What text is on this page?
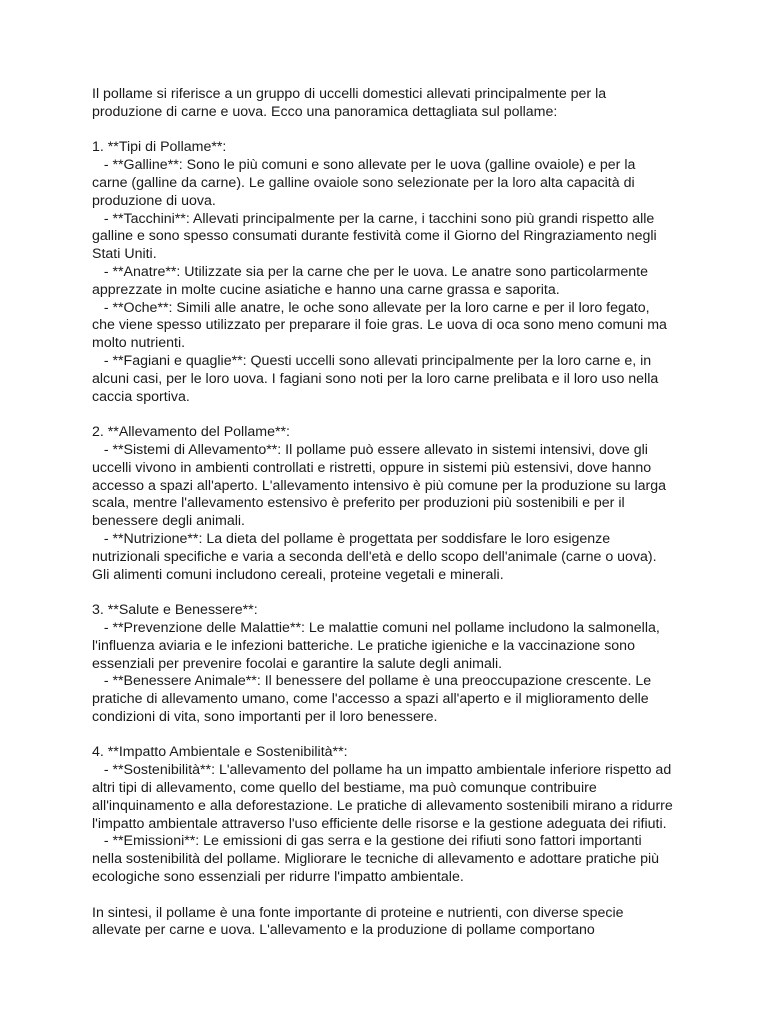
Il pollame si riferisce a un gruppo di uccelli domestici allevati principalmente per la
produzione di carne e uova. Ecco una panoramica dettagliata sul pollame:
1. **Tipi di Pollame**:
- **Galline**: Sono le più comuni e sono allevate per le uova (galline ovaiole) e per la
carne (galline da carne). Le galline ovaiole sono selezionate per la loro alta capacità di
produzione di uova.
- **Tacchini**: Allevati principalmente per la carne, i tacchini sono più grandi rispetto alle
galline e sono spesso consumati durante festività come il Giorno del Ringraziamento negli
Stati Uniti.
- **Anatre**: Utilizzate sia per la carne che per le uova. Le anatre sono particolarmente
apprezzate in molte cucine asiatiche e hanno una carne grassa e saporita.
- **Oche**: Simili alle anatre, le oche sono allevate per la loro carne e per il loro fegato,
che viene spesso utilizzato per preparare il foie gras. Le uova di oca sono meno comuni ma
molto nutrienti.
- **Fagiani e quaglie**: Questi uccelli sono allevati principalmente per la loro carne e, in
alcuni casi, per le loro uova. I fagiani sono noti per la loro carne prelibata e il loro uso nella
caccia sportiva.
2. **Allevamento del Pollame**:
- **Sistemi di Allevamento**: Il pollame può essere allevato in sistemi intensivi, dove gli
uccelli vivono in ambienti controllati e ristretti, oppure in sistemi più estensivi, dove hanno
accesso a spazi all'aperto. L'allevamento intensivo è più comune per la produzione su larga
scala, mentre l'allevamento estensivo è preferito per produzioni più sostenibili e per il
benessere degli animali.
- **Nutrizione**: La dieta del pollame è progettata per soddisfare le loro esigenze
nutrizionali specifiche e varia a seconda dell'età e dello scopo dell'animale (carne o uova).
Gli alimenti comuni includono cereali, proteine vegetali e minerali.
3. **Salute e Benessere**:
- **Prevenzione delle Malattie**: Le malattie comuni nel pollame includono la salmonella,
l'influenza aviaria e le infezioni batteriche. Le pratiche igieniche e la vaccinazione sono
essenziali per prevenire focolai e garantire la salute degli animali.
- **Benessere Animale**: Il benessere del pollame è una preoccupazione crescente. Le
pratiche di allevamento umano, come l'accesso a spazi all'aperto e il miglioramento delle
condizioni di vita, sono importanti per il loro benessere.
4. **Impatto Ambientale e Sostenibilità**:
- **Sostenibilità**: L'allevamento del pollame ha un impatto ambientale inferiore rispetto ad
altri tipi di allevamento, come quello del bestiame, ma può comunque contribuire
all'inquinamento e alla deforestazione. Le pratiche di allevamento sostenibili mirano a ridurre
l'impatto ambientale attraverso l'uso efficiente delle risorse e la gestione adeguata dei rifiuti.
- **Emissioni**: Le emissioni di gas serra e la gestione dei rifiuti sono fattori importanti
nella sostenibilità del pollame. Migliorare le tecniche di allevamento e adottare pratiche più
ecologiche sono essenziali per ridurre l'impatto ambientale.
In sintesi, il pollame è una fonte importante di proteine e nutrienti, con diverse specie
allevate per carne e uova. L'allevamento e la produzione di pollame comportano
